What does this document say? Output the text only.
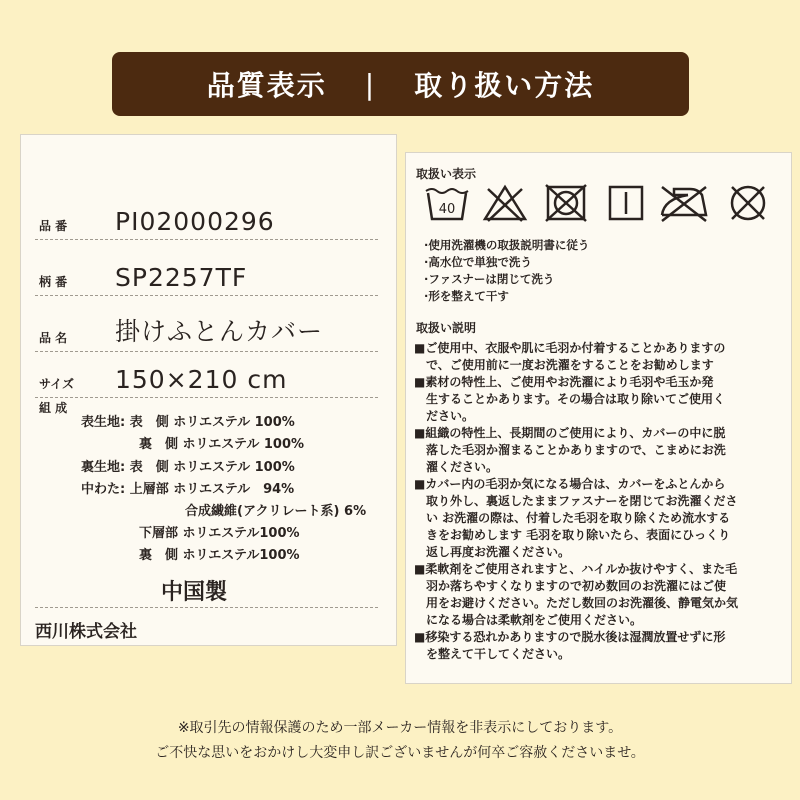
品質表示 | 取り扱い方法
品 番 PI02000296
柄 番 SP2257TF
品 名 掛けふとんカバー
サイズ 150×210 cm
組 成
表生地: 表　側 ホリエステル 100%
裏　側 ホリエステル 100%
裏生地: 表　側 ホリエステル 100%
中わた: 上層部 ホリエステル　94%
合成繊維(アクリレート系) 6%
下層部 ホリエステル100%
裏　側 ホリエステル100%
中国製
西川株式会社
取扱い表示
40
·使用洗濯機の取扱説明書に従う
·高水位で単独で洗う
·ファスナーは閉じて洗う
·形を整えて干す
取扱い説明
■ご使用中、衣服や肌に毛羽か付着することかありますの
で、ご使用前に一度お洗濯をすることをお勧めします
■素材の特性上、ご使用やお洗濯により毛羽や毛玉か発
生することかあります。その場合は取り除いてご使用く
ださい。
■組織の特性上、長期間のご使用により、カバーの中に脱
落した毛羽か溜まることかありますので、こまめにお洗
濯ください。
■カバー内の毛羽か気になる場合は、カバーをふとんから
取り外し、裏返したままファスナーを閉じてお洗濯くださ
い お洗濯の際は、付着した毛羽を取り除くため流水する
きをお勧めします 毛羽を取り除いたら、表面にひっくり
返し再度お洗濯ください。
■柔軟剤をご使用されますと、ハイルか抜けやすく、また毛
羽か落ちやすくなりますので初め数回のお洗濯にはご使
用をお避けください。ただし数回のお洗濯後、静電気か気
になる場合は柔軟剤をご使用ください。
■移染する恐れかありますので脱水後は湿潤放置せずに形
を整えて干してください。
※取引先の情報保護のため一部メーカー情報を非表示にしております。
ご不快な思いをおかけし大変申し訳ございませんが何卒ご容赦くださいませ。
